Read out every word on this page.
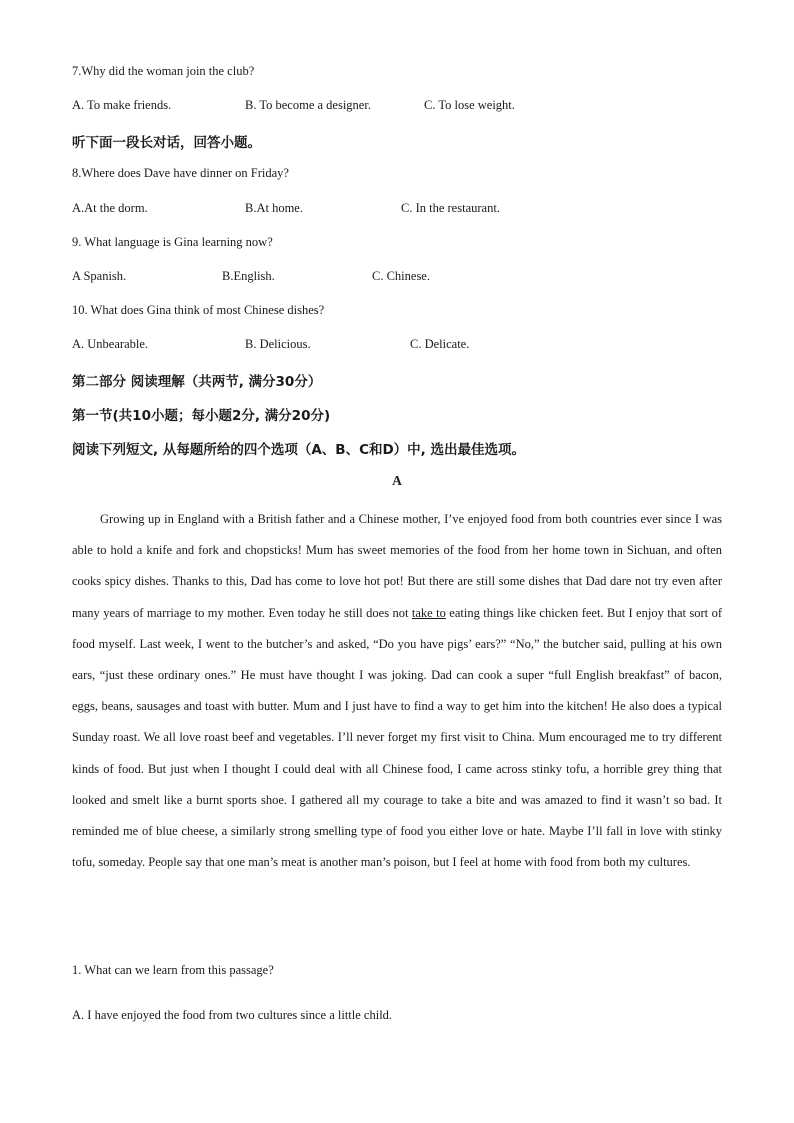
7.Why did the woman join the club?
A. To make friends.	B. To become a designer.	C. To lose weight.
听下面一段长对话，回答小题。
8.Where does Dave have dinner on Friday?
A.At the dorm.	B.At home.	C. In the restaurant.
9. What language is Gina learning now?
A Spanish.	B.English.	C. Chinese.
10. What does Gina think of most Chinese dishes?
A. Unbearable.	B. Delicious.	C. Delicate.
第二部分 阅读理解（共两节, 满分30分）
第一节(共10小题；每小题2分, 满分20分)
阅读下列短文, 从每题所给的四个选项（A、B、C和D）中, 选出最佳选项。
A
Growing up in England with a British father and a Chinese mother, I’ve enjoyed food from both countries ever since I was able to hold a knife and fork and chopsticks! Mum has sweet memories of the food from her home town in Sichuan, and often cooks spicy dishes. Thanks to this, Dad has come to love hot pot! But there are still some dishes that Dad dare not try even after many years of marriage to my mother. Even today he still does not take to eating things like chicken feet. But I enjoy that sort of food myself. Last week, I went to the butcher’s and asked, “Do you have pigs’ ears?” “No,” the butcher said, pulling at his own ears, “just these ordinary ones.” He must have thought I was joking. Dad can cook a super “full English breakfast” of bacon, eggs, beans, sausages and toast with butter. Mum and I just have to find a way to get him into the kitchen! He also does a typical Sunday roast. We all love roast beef and vegetables. I’ll never forget my first visit to China. Mum encouraged me to try different kinds of food. But just when I thought I could deal with all Chinese food, I came across stinky tofu, a horrible grey thing that looked and smelt like a burnt sports shoe. I gathered all my courage to take a bite and was amazed to find it wasn’t so bad. It reminded me of blue cheese, a similarly strong smelling type of food you either love or hate. Maybe I’ll fall in love with stinky tofu, someday. People say that one man’s meat is another man’s poison, but I feel at home with food from both my cultures.
1. What can we learn from this passage?
A. I have enjoyed the food from two cultures since a little child.
